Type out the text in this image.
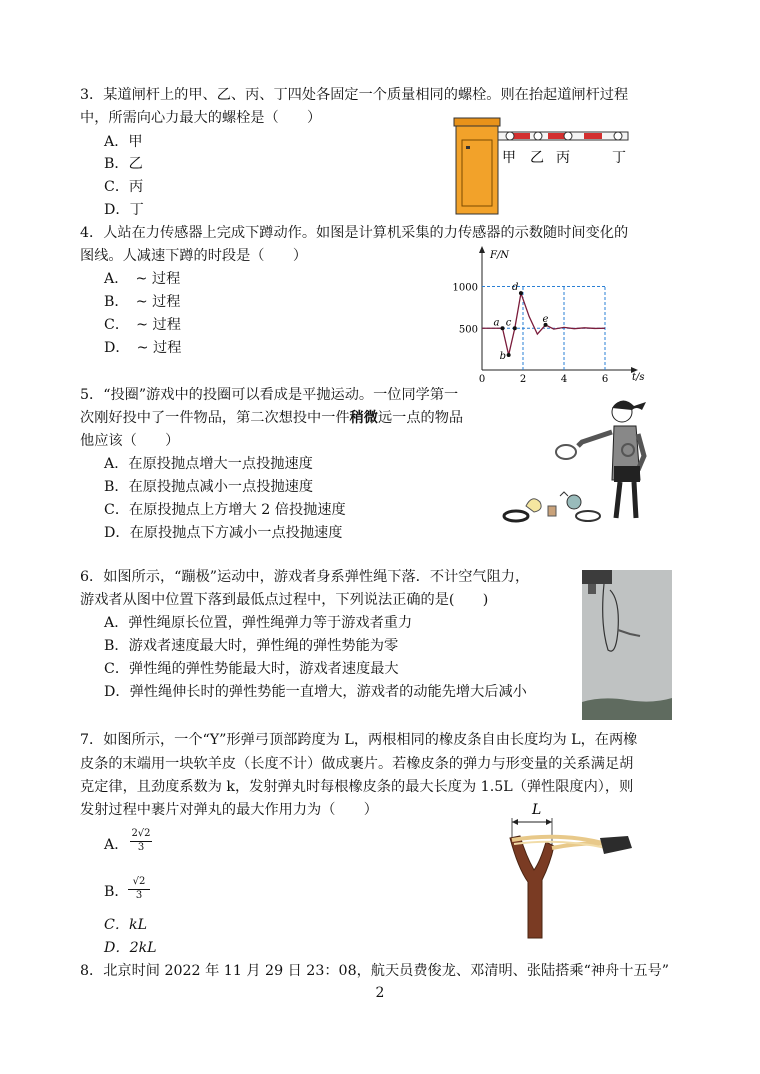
3．某道闸杆上的甲、乙、丙、丁四处各固定一个质量相同的螺栓。则在抬起道闸杆过程
中，所需向心力最大的螺栓是（　　）
A．甲
B．乙
C．丙
D．丁
甲 乙 丙	丁
4．人站在力传感器上完成下蹲动作。如图是计算机采集的力传感器的示数随时间变化的
图线。人减速下蹲的时段是（　　）
A．　~ 过程
B．　~ 过程
C．　~ 过程
D．　~ 过程
F/N
t/s
500
1000
0	2	4	6
a
b
c
d
e
5．“投圈”游戏中的投圈可以看成是平抛运动。一位同学第一
次刚好投中了一件物品，第二次想投中一件稍微远一点的物品
他应该（　　）
A．在原投抛点增大一点投抛速度
B．在原投抛点减小一点投抛速度
C．在原投抛点上方增大 2 倍投抛速度
D．在原投抛点下方减小一点投抛速度
6．如图所示，“蹦极”运动中，游戏者身系弹性绳下落．不计空气阻力，
游戏者从图中位置下落到最低点过程中，下列说法正确的是(　　)
A．弹性绳原长位置，弹性绳弹力等于游戏者重力
B．游戏者速度最大时，弹性绳的弹性势能为零
C．弹性绳的弹性势能最大时，游戏者速度最大
D．弹性绳伸长时的弹性势能一直增大，游戏者的动能先增大后减小
7．如图所示，一个“Y”形弹弓顶部跨度为 L，两根相同的橡皮条自由长度均为 L，在两橡
皮条的末端用一块软羊皮（长度不计）做成裹片。若橡皮条的弹力与形变量的关系满足胡
克定律，且劲度系数为 k，发射弹丸时每根橡皮条的最大长度为 1.5L（弹性限度内），则
发射过程中裹片对弹丸的最大作用力为（　　）
A． $\frac{2√2}{3}$
B． $\frac{√2}{3}$
C．kL
D．2kL
L
8．北京时间 2022 年 11 月 29 日 23：08，航天员费俊龙、邓清明、张陆搭乘“神舟十五号”
2
